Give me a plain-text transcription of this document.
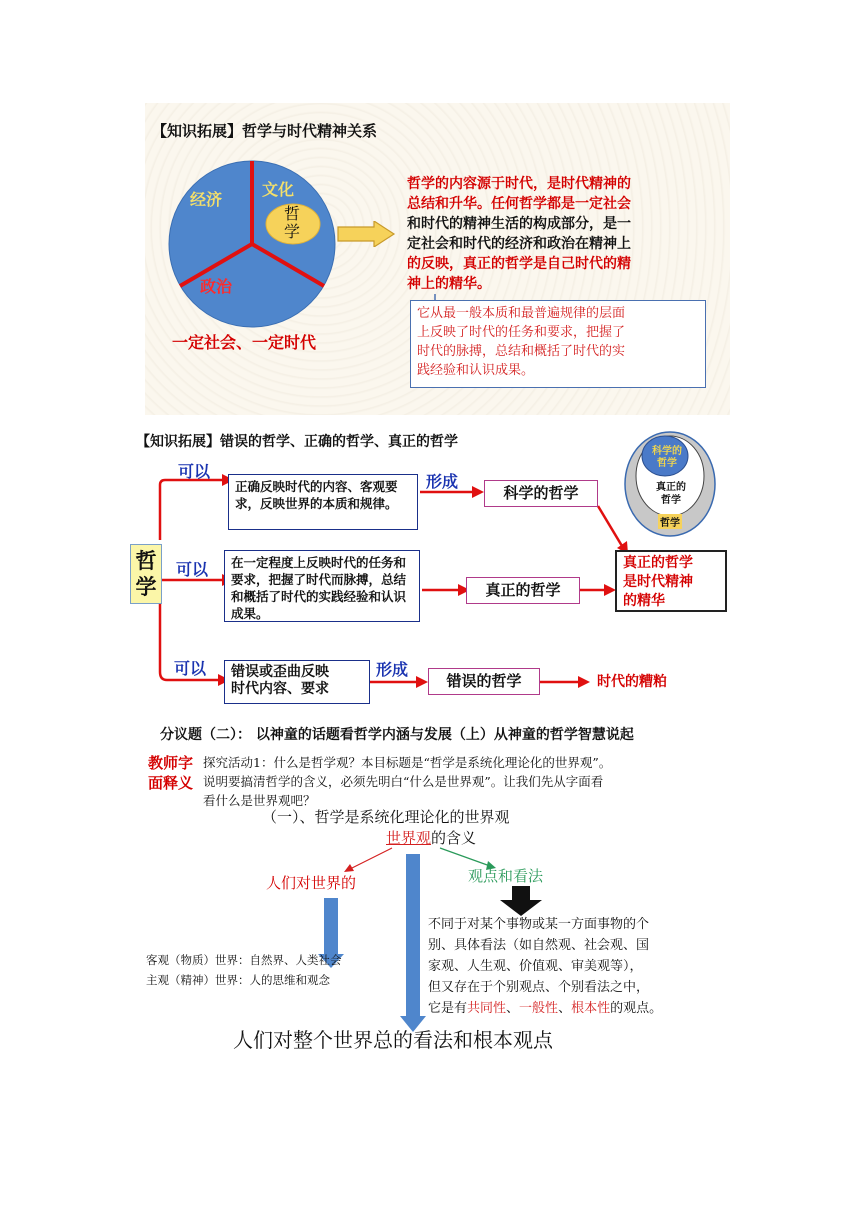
【知识拓展】哲学与时代精神关系
经济
文化
政治
哲
学
一定社会、一定时代
哲学的内容源于时代，是时代精神的
总结和升华。任何哲学都是一定社会
和时代的精神生活的构成部分，是一
定社会和时代的经济和政治在精神上
的反映，真正的哲学是自己时代的精
神上的精华。
它从最一般本质和最普遍规律的层面
上反映了时代的任务和要求，把握了
时代的脉搏，总结和概括了时代的实
践经验和认识成果。
【知识拓展】错误的哲学、正确的哲学、真正的哲学
哲学
可以
可以
可以
正确反映时代的内容、客观要求，反映世界的本质和规律。
在一定程度上反映时代的任务和要求，把握了时代而脉搏，总结和概括了时代的实践经验和认识成果。
错误或歪曲反映
时代内容、要求
形成
形成
科学的哲学
真正的哲学
错误的哲学	时代的糟粕
真正的哲学
是时代精神
的精华
科学的
哲学
真正的
哲学
哲学
分议题（二）： 以神童的话题看哲学内涵与发展（上）从神童的哲学智慧说起
教师字
面释义
探究活动1：什么是哲学观？本目标题是“哲学是系统化理论化的世界观”。
说明要搞清哲学的含义，必须先明白“什么是世界观”。让我们先从字面看
看什么是世界观吧？
（一）、哲学是系统化理论化的世界观
世界观的含义
人们对世界的	观点和看法
客观（物质）世界：自然界、人类社会
主观（精神）世界：人的思维和观念
不同于对某个事物或某一方面事物的个
别、具体看法（如自然观、社会观、国
家观、人生观、价值观、审美观等），
但又存在于个别观点、个别看法之中，
它是有共同性、一般性、根本性的观点。
人们对整个世界总的看法和根本观点
